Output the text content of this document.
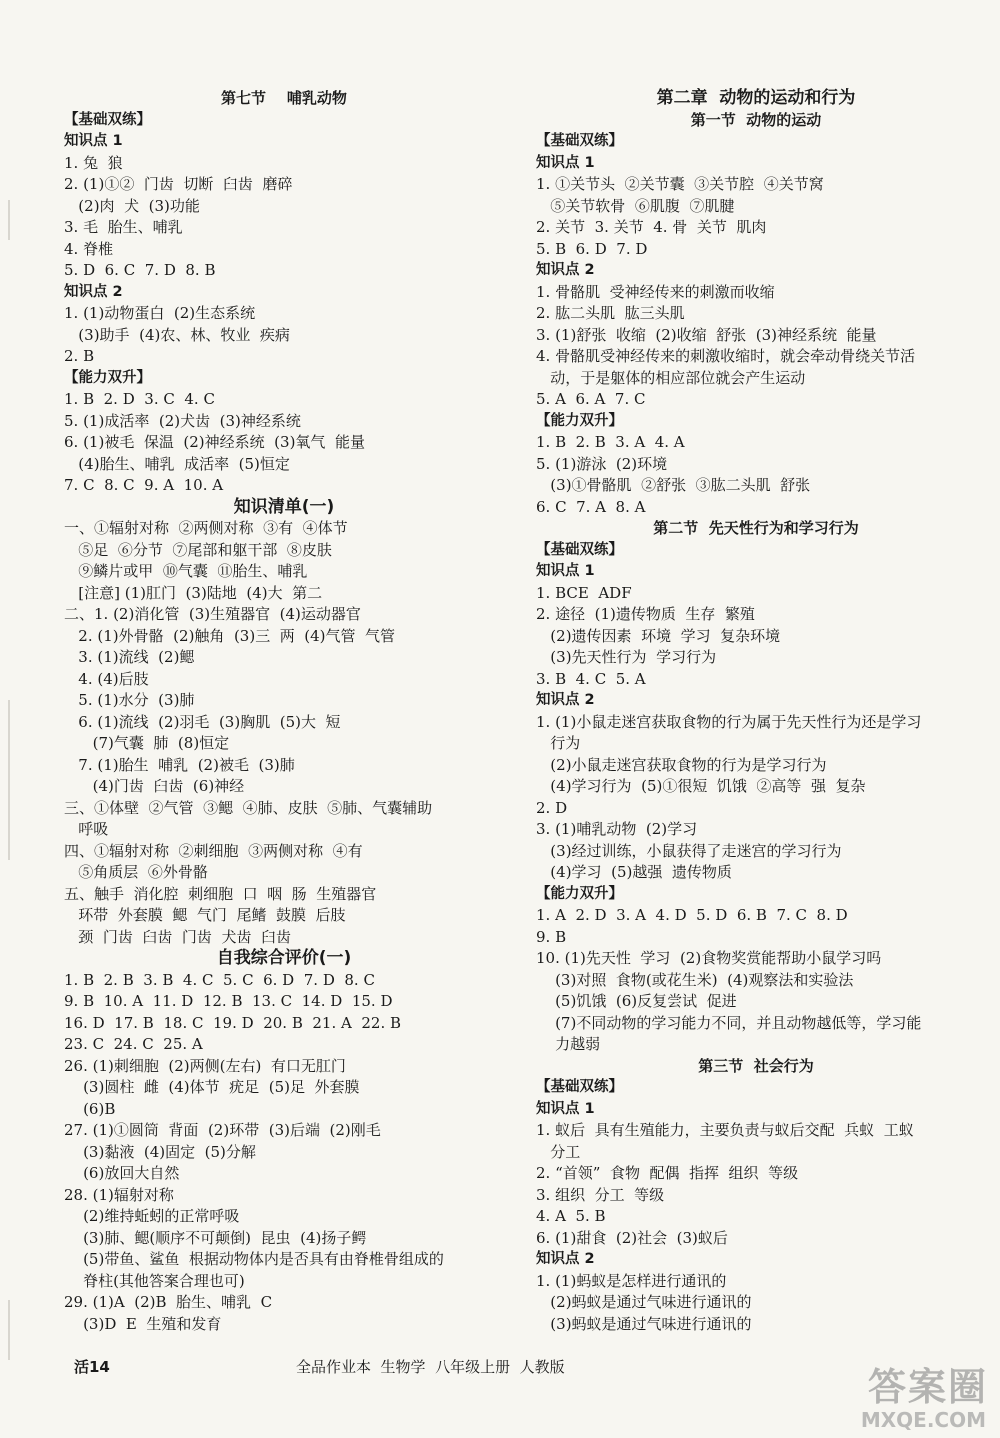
第七节    哺乳动物
【基础双练】
知识点 1
1. 兔  狼
2. (1)①②  门齿  切断  臼齿  磨碎
(2)肉  犬  (3)功能
3. 毛  胎生、哺乳
4. 脊椎
5. D  6. C  7. D  8. B
知识点 2
1. (1)动物蛋白  (2)生态系统
(3)助手  (4)农、林、牧业  疾病
2. B
【能力双升】
1. B  2. D  3. C  4. C
5. (1)成活率  (2)犬齿  (3)神经系统
6. (1)被毛  保温  (2)神经系统  (3)氧气  能量
(4)胎生、哺乳  成活率  (5)恒定
7. C  8. C  9. A  10. A
知识清单(一)
一、①辐射对称  ②两侧对称  ③有  ④体节
⑤足  ⑥分节  ⑦尾部和躯干部  ⑧皮肤
⑨鳞片或甲  ⑩气囊  ⑪胎生、哺乳
[注意] (1)肛门  (3)陆地  (4)大  第二
二、1. (2)消化管  (3)生殖器官  (4)运动器官
2. (1)外骨骼  (2)触角  (3)三  两  (4)气管  气管
3. (1)流线  (2)鳃
4. (4)后肢
5. (1)水分  (3)肺
6. (1)流线  (2)羽毛  (3)胸肌  (5)大  短
(7)气囊  肺  (8)恒定
7. (1)胎生  哺乳  (2)被毛  (3)肺
(4)门齿  臼齿  (6)神经
三、①体壁  ②气管  ③鳃  ④肺、皮肤  ⑤肺、气囊辅助
呼吸
四、①辐射对称  ②刺细胞  ③两侧对称  ④有
⑤角质层  ⑥外骨骼
五、触手  消化腔  刺细胞  口  咽  肠  生殖器官
环带  外套膜  鳃  气门  尾鳍  鼓膜  后肢
颈  门齿  臼齿  门齿  犬齿  臼齿
自我综合评价(一)
1. B  2. B  3. B  4. C  5. C  6. D  7. D  8. C
9. B  10. A  11. D  12. B  13. C  14. D  15. D
16. D  17. B  18. C  19. D  20. B  21. A  22. B
23. C  24. C  25. A
26. (1)刺细胞  (2)两侧(左右)  有口无肛门
(3)圆柱  雌  (4)体节  疣足  (5)足  外套膜
(6)B
27. (1)①圆筒  背面  (2)环带  (3)后端  (2)刚毛
(3)黏液  (4)固定  (5)分解
(6)放回大自然
28. (1)辐射对称
(2)维持蚯蚓的正常呼吸
(3)肺、鳃(顺序不可颠倒)  昆虫  (4)扬子鳄
(5)带鱼、鲨鱼  根据动物体内是否具有由脊椎骨组成的
脊柱(其他答案合理也可)
29. (1)A  (2)B  胎生、哺乳  C
(3)D  E  生殖和发育
第二章  动物的运动和行为
第一节  动物的运动
【基础双练】
知识点 1
1. ①关节头  ②关节囊  ③关节腔  ④关节窝
⑤关节软骨  ⑥肌腹  ⑦肌腱
2. 关节  3. 关节  4. 骨  关节  肌肉
5. B  6. D  7. D
知识点 2
1. 骨骼肌  受神经传来的刺激而收缩
2. 肱二头肌  肱三头肌
3. (1)舒张  收缩  (2)收缩  舒张  (3)神经系统  能量
4. 骨骼肌受神经传来的刺激收缩时，就会牵动骨绕关节活
动，于是躯体的相应部位就会产生运动
5. A  6. A  7. C
【能力双升】
1. B  2. B  3. A  4. A
5. (1)游泳  (2)环境
(3)①骨骼肌  ②舒张  ③肱二头肌  舒张
6. C  7. A  8. A
第二节  先天性行为和学习行为
【基础双练】
知识点 1
1. BCE  ADF
2. 途径  (1)遗传物质  生存  繁殖
(2)遗传因素  环境  学习  复杂环境
(3)先天性行为  学习行为
3. B  4. C  5. A
知识点 2
1. (1)小鼠走迷宫获取食物的行为属于先天性行为还是学习
行为
(2)小鼠走迷宫获取食物的行为是学习行为
(4)学习行为  (5)①很短  饥饿  ②高等  强  复杂
2. D
3. (1)哺乳动物  (2)学习
(3)经过训练，小鼠获得了走迷宫的学习行为
(4)学习  (5)越强  遗传物质
【能力双升】
1. A  2. D  3. A  4. D  5. D  6. B  7. C  8. D
9. B
10. (1)先天性  学习  (2)食物奖赏能帮助小鼠学习吗
(3)对照  食物(或花生米)  (4)观察法和实验法
(5)饥饿  (6)反复尝试  促进
(7)不同动物的学习能力不同，并且动物越低等，学习能
力越弱
第三节  社会行为
【基础双练】
知识点 1
1. 蚁后  具有生殖能力，主要负责与蚁后交配  兵蚁  工蚁
分工
2. “首领”  食物  配偶  指挥  组织  等级
3. 组织  分工  等级
4. A  5. B
6. (1)甜食  (2)社会  (3)蚁后
知识点 2
1. (1)蚂蚁是怎样进行通讯的
(2)蚂蚁是通过气味进行通讯的
(3)蚂蚁是通过气味进行通讯的
活14	全品作业本  生物学  八年级上册  人教版	答案圈
MXQE.COM
